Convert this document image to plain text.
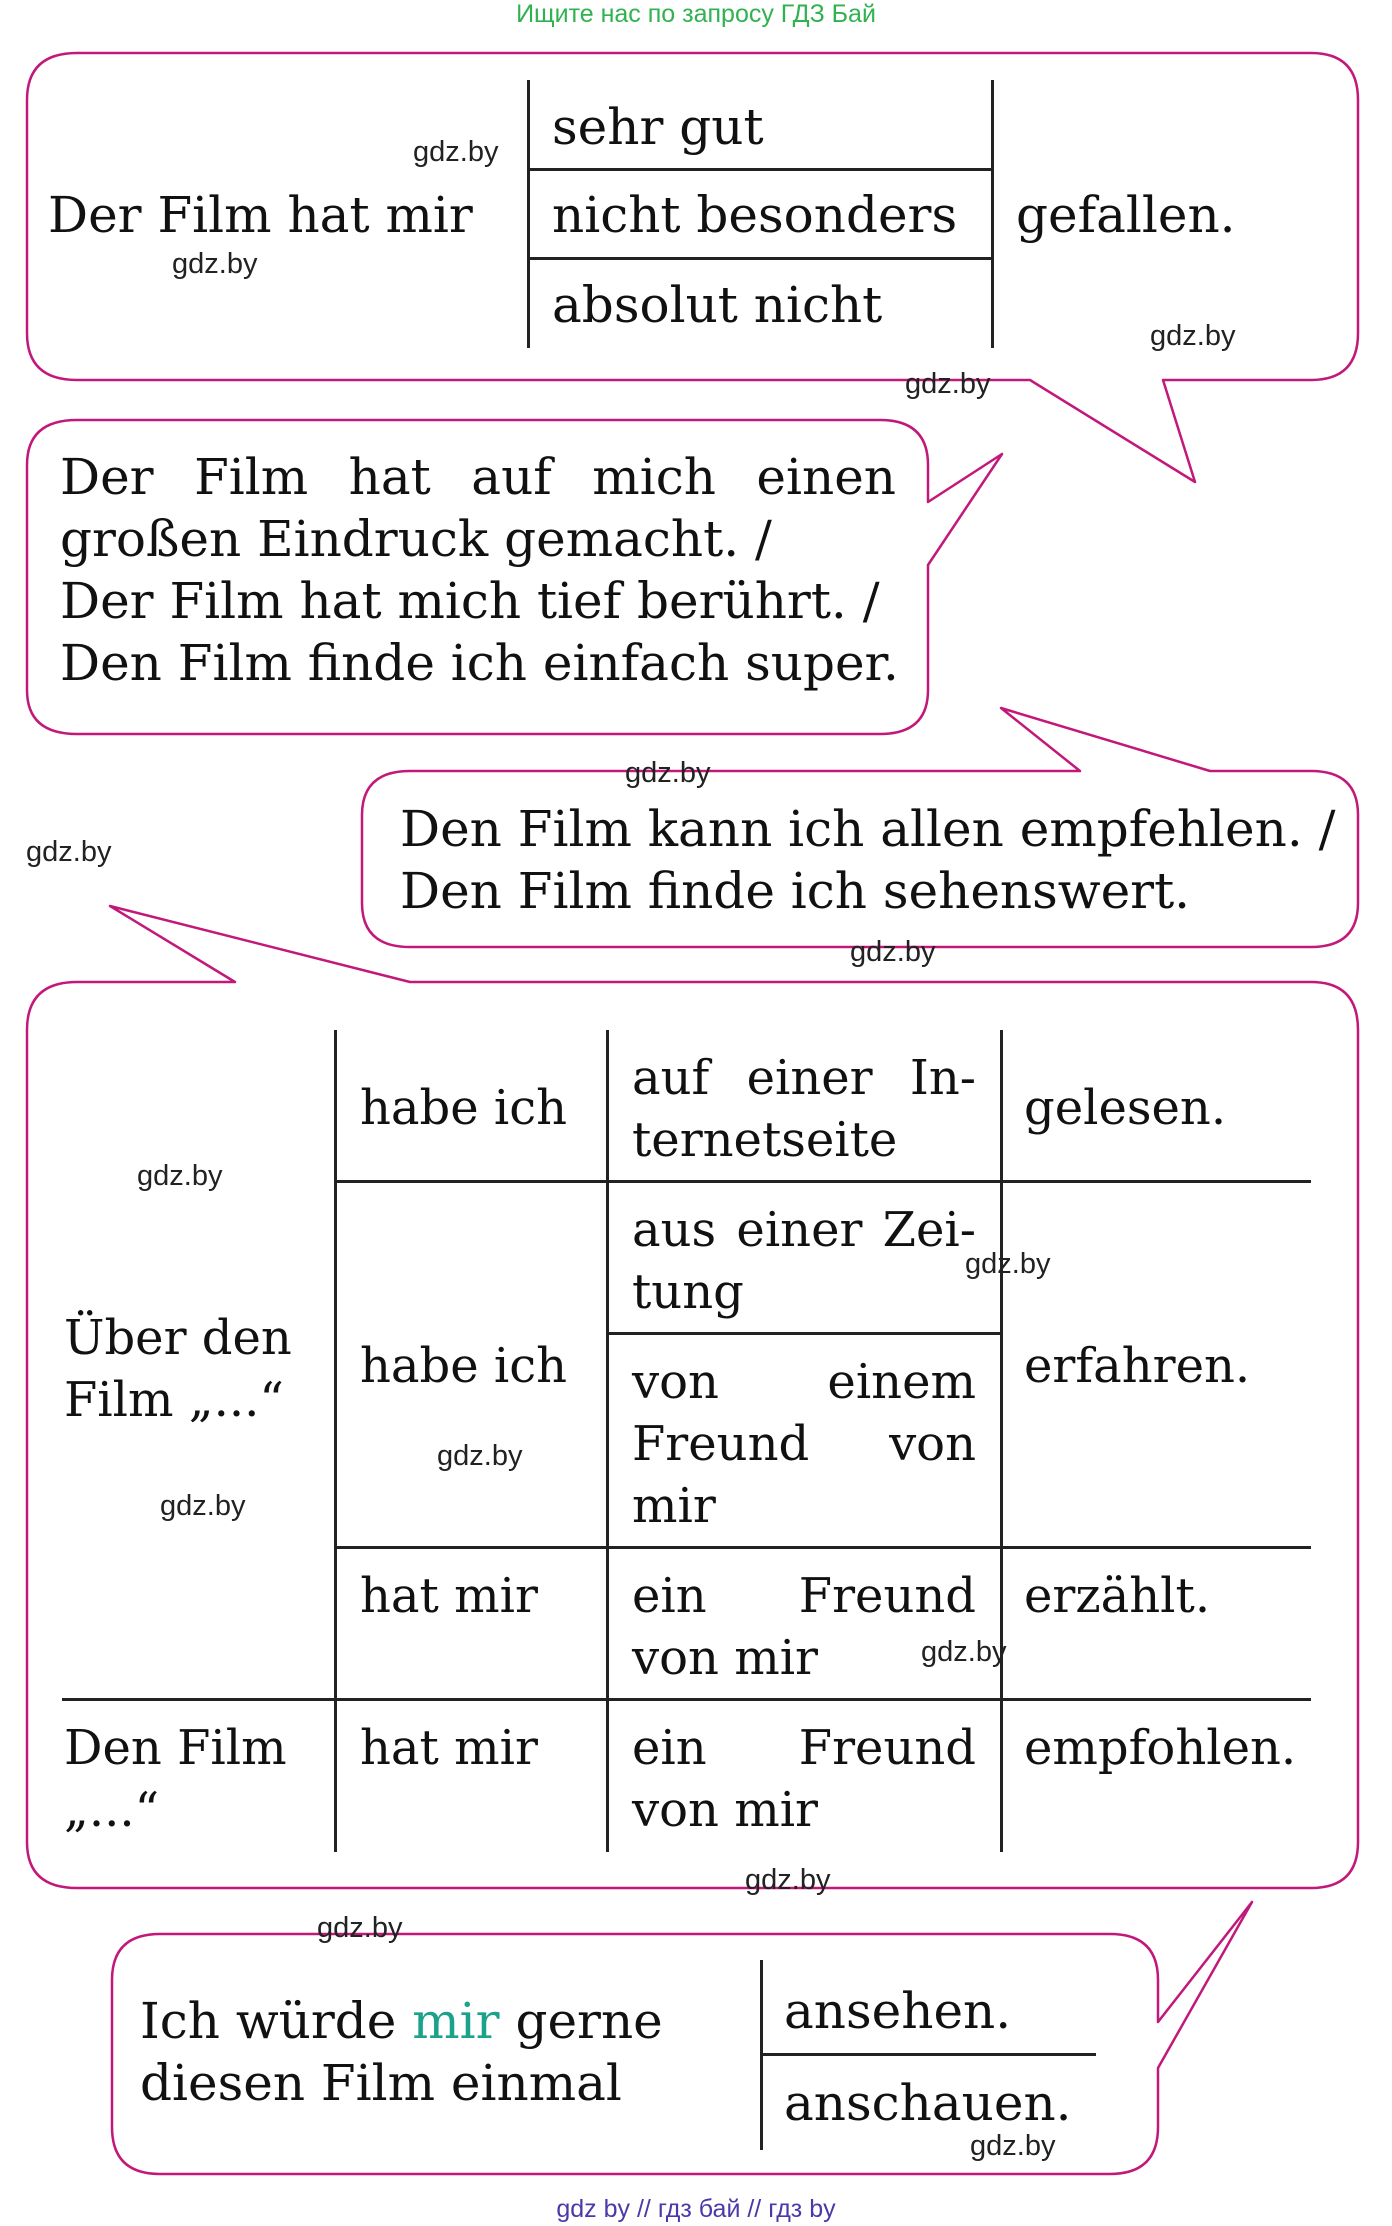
Ищите нас по запросу ГДЗ Бай
Der Film hat mir
sehr gut
nicht besonders
absolut nicht
gefallen.
Der Film hat auf mich einen
großen Eindruck gemacht. /
Der Film hat mich tief berührt. /
Den Film finde ich einfach super.
Den Film kann ich allen empfehlen. /
Den Film finde ich sehenswert.
Über den
Film „...“
Den Film
„...“
habe ich
auf einer In-
ternetseite
gelesen.
habe ich
aus einer Zei-
tung
von einem
Freund von
mir
erfahren.
hat mir ein Freund
von mir
erzählt.
hat mir ein Freund
von mir
empfohlen.
Ich würde mir gerne
diesen Film einmal
ansehen.
anschauen.
gdz.by
gdz.by
gdz.by
gdz.by
gdz.by
gdz.by
gdz.by
gdz.by
gdz.by
gdz.by
gdz.by
gdz.by
gdz.by
gdz.by
gdz.by
gdz by // гдз бай // гдз by
